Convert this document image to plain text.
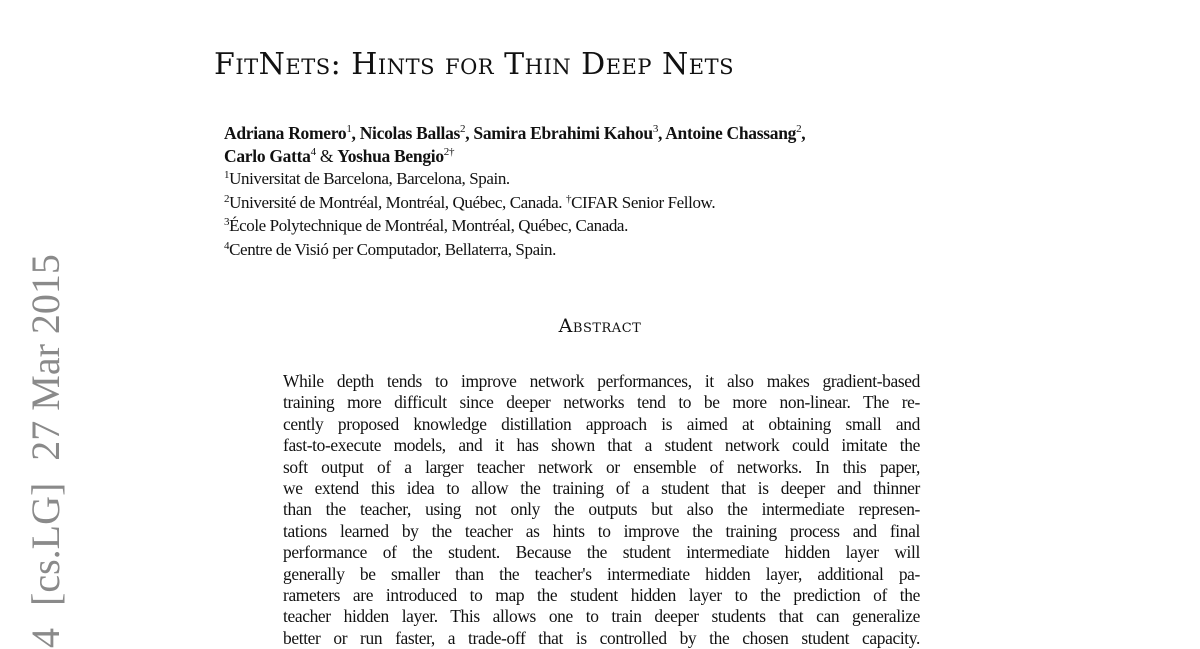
4[cs.LG]27 Mar 2015
FitNets: Hints for Thin Deep Nets
Adriana Romero$^1$, Nicolas Ballas$^2$, Samira Ebrahimi Kahou$^3$, Antoine Chassang$^2$,
Carlo Gatta$^4$ & Yoshua Bengio$^{2\dagger}$
$^1$Universitat de Barcelona, Barcelona, Spain.
$^2$Université de Montréal, Montréal, Québec, Canada. †CIFAR Senior Fellow.
$^3$École Polytechnique de Montréal, Montréal, Québec, Canada.
$^4$Centre de Visió per Computador, Bellaterra, Spain.
Abstract
While depth tends to improve network performances, it also makes gradient-based
training more difficult since deeper networks tend to be more non-linear. The re-
cently proposed knowledge distillation approach is aimed at obtaining small and
fast-to-execute models, and it has shown that a student network could imitate the
soft output of a larger teacher network or ensemble of networks. In this paper,
we extend this idea to allow the training of a student that is deeper and thinner
than the teacher, using not only the outputs but also the intermediate represen-
tations learned by the teacher as hints to improve the training process and final
performance of the student. Because the student intermediate hidden layer will
generally be smaller than the teacher's intermediate hidden layer, additional pa-
rameters are introduced to map the student hidden layer to the prediction of the
teacher hidden layer. This allows one to train deeper students that can generalize
better or run faster, a trade-off that is controlled by the chosen student capacity.
